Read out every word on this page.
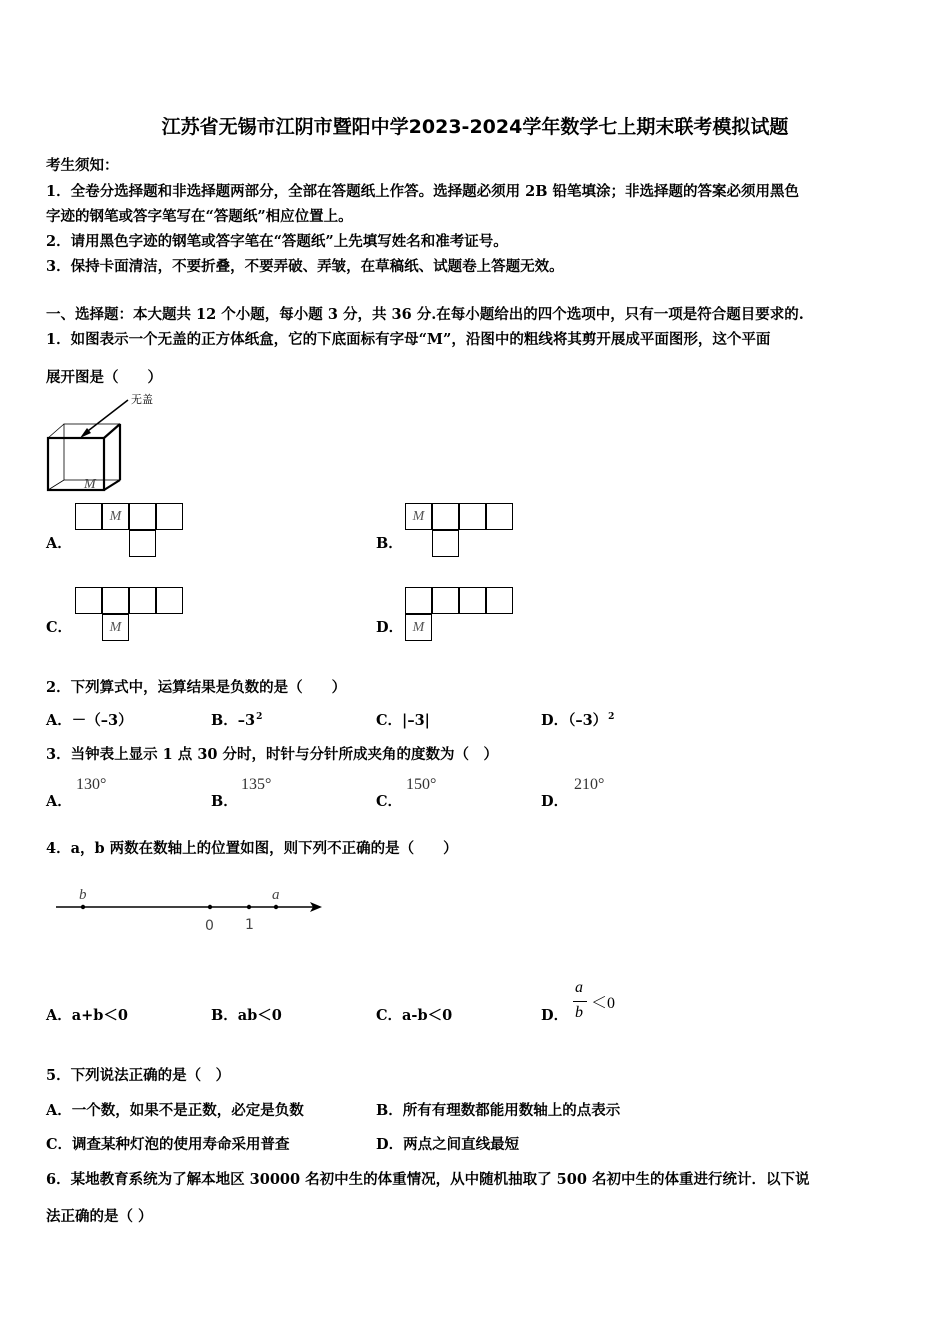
江苏省无锡市江阴市暨阳中学2023-2024学年数学七上期末联考模拟试题
考生须知：
1．全卷分选择题和非选择题两部分，全部在答题纸上作答。选择题必须用 2B 铅笔填涂；非选择题的答案必须用黑色
字迹的钢笔或答字笔写在“答题纸”相应位置上。
2．请用黑色字迹的钢笔或答字笔在“答题纸”上先填写姓名和准考证号。
3．保持卡面清洁，不要折叠，不要弄破、弄皱，在草稿纸、试题卷上答题无效。
一、选择题：本大题共 12 个小题，每小题 3 分，共 36 分.在每小题给出的四个选项中，只有一项是符合题目要求的.
1．如图表示一个无盖的正方体纸盒，它的下底面标有字母“M”，沿图中的粗线将其剪开展成平面图形，这个平面
展开图是（　　）
M
无盖
A．
M
B．
M
C．	M	D． M
2．下列算式中，运算结果是负数的是（　　）
A．－（–3）	B．$-3^2$	C．|–3|	D．$(-3)^2$
3．当钟表上显示 1 点 30 分时，时针与分针所成夹角的度数为（　）
A．
130°
B．
135°
C．
150°
D．
210°
4．a，b 两数在数轴上的位置如图，则下列不正确的是（　　）
b
0 1
a
A．a+b＜0	B．ab＜0	C．a-b＜0	D．
a
b
＜0
5．下列说法正确的是（　）
A．一个数，如果不是正数，必定是负数	B．所有有理数都能用数轴上的点表示
C．调查某种灯泡的使用寿命采用普查	D．两点之间直线最短
6．某地教育系统为了解本地区 30000 名初中生的体重情况，从中随机抽取了 500 名初中生的体重进行统计．以下说
法正确的是（ ）
